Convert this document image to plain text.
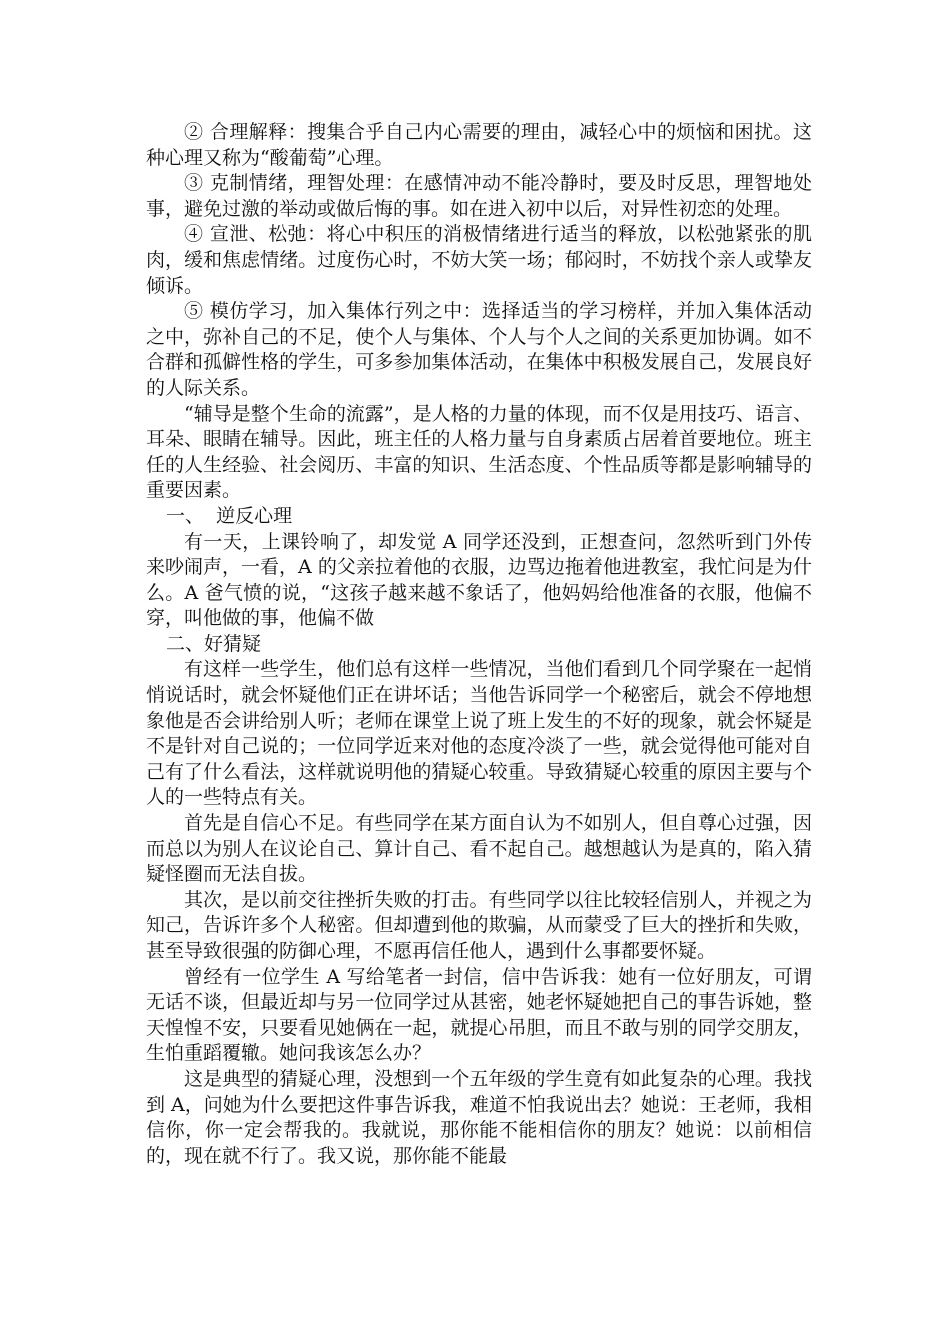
② 合理解释：搜集合乎自己内心需要的理由，减轻心中的烦恼和困扰。这种心理又称为“酸葡萄”心理。

③ 克制情绪，理智处理：在感情冲动不能冷静时，要及时反思，理智地处事，避免过激的举动或做后悔的事。如在进入初中以后，对异性初恋的处理。

④ 宣泄、松弛：将心中积压的消极情绪进行适当的释放，以松弛紧张的肌肉，缓和焦虑情绪。过度伤心时，不妨大笑一场；郁闷时，不妨找个亲人或挚友倾诉。

⑤ 模仿学习，加入集体行列之中：选择适当的学习榜样，并加入集体活动之中，弥补自己的不足，使个人与集体、个人与个人之间的关系更加协调。如不合群和孤僻性格的学生，可多参加集体活动，在集体中积极发展自己，发展良好的人际关系。

“辅导是整个生命的流露”，是人格的力量的体现，而不仅是用技巧、语言、耳朵、眼睛在辅导。因此，班主任的人格力量与自身素质占居着首要地位。班主任的人生经验、社会阅历、丰富的知识、生活态度、个性品质等都是影响辅导的重要因素。

一、  逆反心理

有一天，上课铃响了，却发觉 A 同学还没到，正想查问，忽然听到门外传来吵闹声，一看，A 的父亲拉着他的衣服，边骂边拖着他进教室，我忙问是为什么。A 爸气愤的说，“这孩子越来越不象话了，他妈妈给他准备的衣服，他偏不穿，叫他做的事，他偏不做

二、好猜疑

有这样一些学生，他们总有这样一些情况，当他们看到几个同学聚在一起悄悄说话时，就会怀疑他们正在讲坏话；当他告诉同学一个秘密后，就会不停地想象他是否会讲给别人听；老师在课堂上说了班上发生的不好的现象，就会怀疑是不是针对自己说的；一位同学近来对他的态度冷淡了一些，就会觉得他可能对自己有了什么看法，这样就说明他的猜疑心较重。导致猜疑心较重的原因主要与个人的一些特点有关。

首先是自信心不足。有些同学在某方面自认为不如别人，但自尊心过强，因而总以为别人在议论自己、算计自己、看不起自己。越想越认为是真的，陷入猜疑怪圈而无法自拔。

其次，是以前交往挫折失败的打击。有些同学以往比较轻信别人，并视之为知己，告诉许多个人秘密。但却遭到他的欺骗，从而蒙受了巨大的挫折和失败，甚至导致很强的防御心理，不愿再信任他人，遇到什么事都要怀疑。

曾经有一位学生 A 写给笔者一封信，信中告诉我：她有一位好朋友，可谓无话不谈，但最近却与另一位同学过从甚密，她老怀疑她把自己的事告诉她，整天惶惶不安，只要看见她俩在一起，就提心吊胆，而且不敢与别的同学交朋友，生怕重蹈覆辙。她问我该怎么办？

这是典型的猜疑心理，没想到一个五年级的学生竟有如此复杂的心理。我找到 A，问她为什么要把这件事告诉我，难道不怕我说出去？她说：王老师，我相信你，你一定会帮我的。我就说，那你能不能相信你的朋友？她说：以前相信的，现在就不行了。我又说，那你能不能最
